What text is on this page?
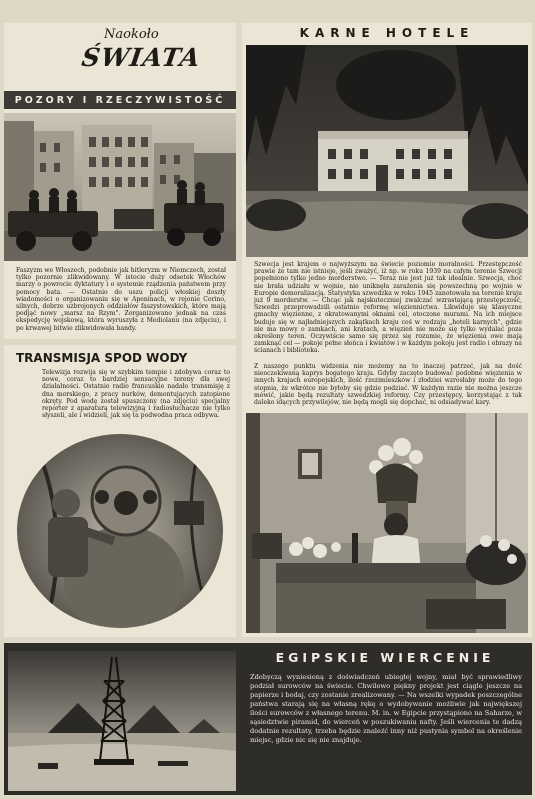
Naokoło
ŚWIATA
POZORY I RZECZYWISTOŚĆ
Faszyzm we Włoszech, podobnie jak hitleryzm w Niemczech, został tylko pozornie zlikwidowany. W istocie duży odsetek Włochów marzy o powrocie dyktatury i o systemie rządzenia państwem przy pomocy bata. — Ostatnio do uszu policji włoskiej doszły wiadomości o organizowaniu się w Apeninach, w rejonie Corino, silnych, dobrze uzbrojonych oddziałów faszystowskich, które mają podjąć nowy „marsz na Rzym". Zorganizowano jednak na czas ekspedycję wojskową, która wyruszyła z Mediolanu (na zdjęciu), i po krwawej bitwie zlikwidowała bandy.
TRANSMISJA SPOD WODY
Telewizja rozwija się w szybkim tempie i zdobywa coraz to nowe, coraz to bardziej sensacyjne tereny dla swej działalności. Ostatnio radio francuskie nadało transmisję z dna morskiego, z pracy nurków, demontujących zatopione okręty. Pod wodę został spuszczony (na zdjęciu) specjalny reporter z aparaturą telewizyjną i radiosłuchacze nie tylko słyszeli, ale i widzieli, jak się ta podwodna praca odbywa.
KARNE HOTELE
Szwecja jest krajem o najwyższym na świecie poziomie moralności. Przestępczość prawie że tam nie istnieje, jeśli zważyć, iż np. w roku 1939 na całym terenie Szwecji popełniono tylko jedno morderstwo. — Teraz nie jest już tak idealnie. Szwecja, choć nie brała udziału w wojnie, nie uniknęła zarażenia się powszechną po wojnie w Europie demoralizacją. Statystyka szwedzka w roku 1945 zanotowała na terenie kraju już 9 morderstw. — Chcąc jak najskuteczniej zwalczać wzrastającą przestępczość, Szwedzi przeprowadzili ostatnio reformę więziennictwa. Likwiduje się klasyczne gmachy więzienne, z okratowanymi oknami cel, otoczone murami. Na ich miejsce buduje się w najładniejszych zakątkach kraju coś w rodzaju „hoteli karnych", gdzie nie ma mowy o zamkach, ani kratach, a więzień nie może się tylko wydalać poza określony teren. Oczywiście samo się przez się rozumie, że więzienia owe mają zamknąć cel — pokoje pełne słońca i kwiatów i w każdym pokoju jest radio i obrazy na ścianach i biblioteka.
Z naszego punktu widzenia nie możemy na to inaczej patrzeć, jak na dość nieoczekiwaną kaprys bogatego kraju. Gdyby zaczęto budować podobne więzienia w innych krajach europejskich, ilość rzezimieszków i złodziei wzrosłaby może do tego stopnia, że wkrótce nie byłoby się gdzie podziać. W każdym razie nie można jeszcze mówić, jakie będą rezultaty szwedzkiej reformy. Czy przestępcy, korzystając z tak daleko idących przywilejów, nie będą mogli się dopchać, ni odsiadywać kary.
EGIPSKIE WIERCENIE
Zdobyczą wyniesioną z doświadczeń ubiegłej wojny, miał być sprawiedliwy podział surowców na świecie. Chwilowo piękny projekt jest ciągle jeszcze na papierze i bodaj, czy zostanie zrealizowany. — Na wszelki wypadek poszczególne państwa starają się na własną rękę o wydobywanie możliwie jak największej ilości surowców z własnego terenu. M. in. w Egipcie przystąpiono na Saharze, w sąsiedztwie piramid, do wierceń w poszukiwaniu nafty. Jeśli wiercenia te dadzą dodatnie rezultaty, trzeba będzie znaleźć inny niż pustynia symbol na określenie miejsc, gdzie nic się nie znajduje.
